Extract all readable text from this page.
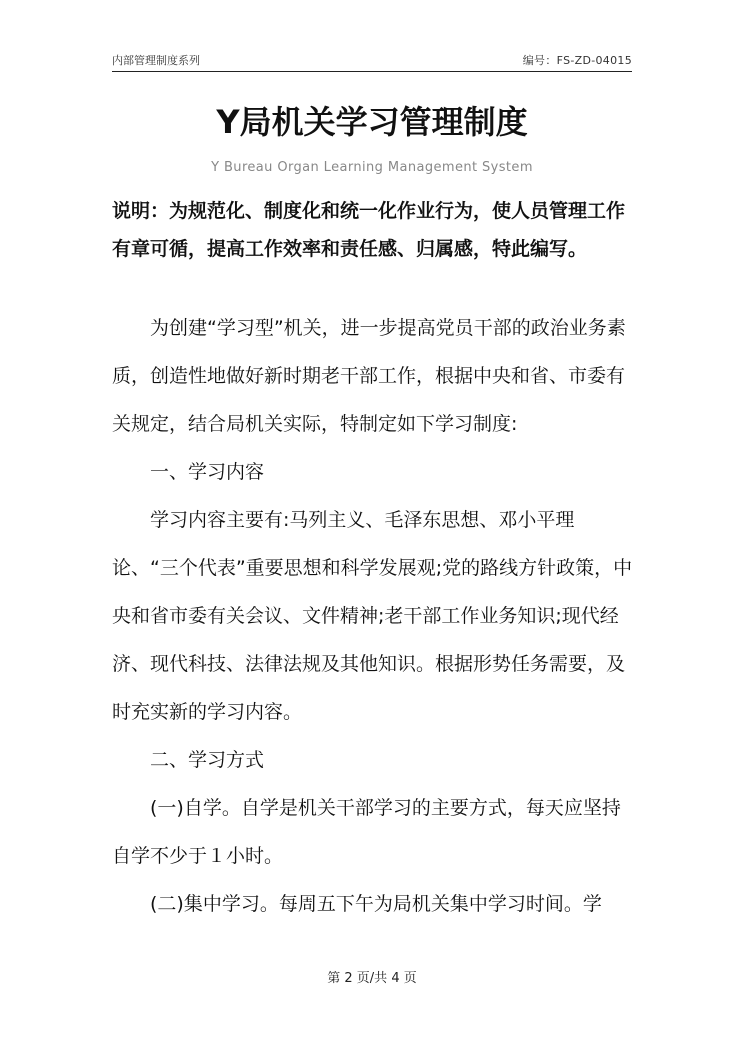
内部管理制度系列	编号：FS-ZD-04015
Y局机关学习管理制度
Y Bureau Organ Learning Management System
说明：为规范化、制度化和统一化作业行为，使人员管理工作有章可循，提高工作效率和责任感、归属感，特此编写。

为创建“学习型”机关，进一步提高党员干部的政治业务素质，创造性地做好新时期老干部工作，根据中央和省、市委有关规定，结合局机关实际，特制定如下学习制度:

一、学习内容

学习内容主要有:马列主义、毛泽东思想、邓小平理论、“三个代表”重要思想和科学发展观;党的路线方针政策，中央和省市委有关会议、文件精神;老干部工作业务知识;现代经济、现代科技、法律法规及其他知识。根据形势任务需要，及时充实新的学习内容。

二、学习方式

(一)自学。自学是机关干部学习的主要方式，每天应坚持自学不少于１小时。

(二)集中学习。每周五下午为局机关集中学习时间。学

第 2 页/共 4 页
